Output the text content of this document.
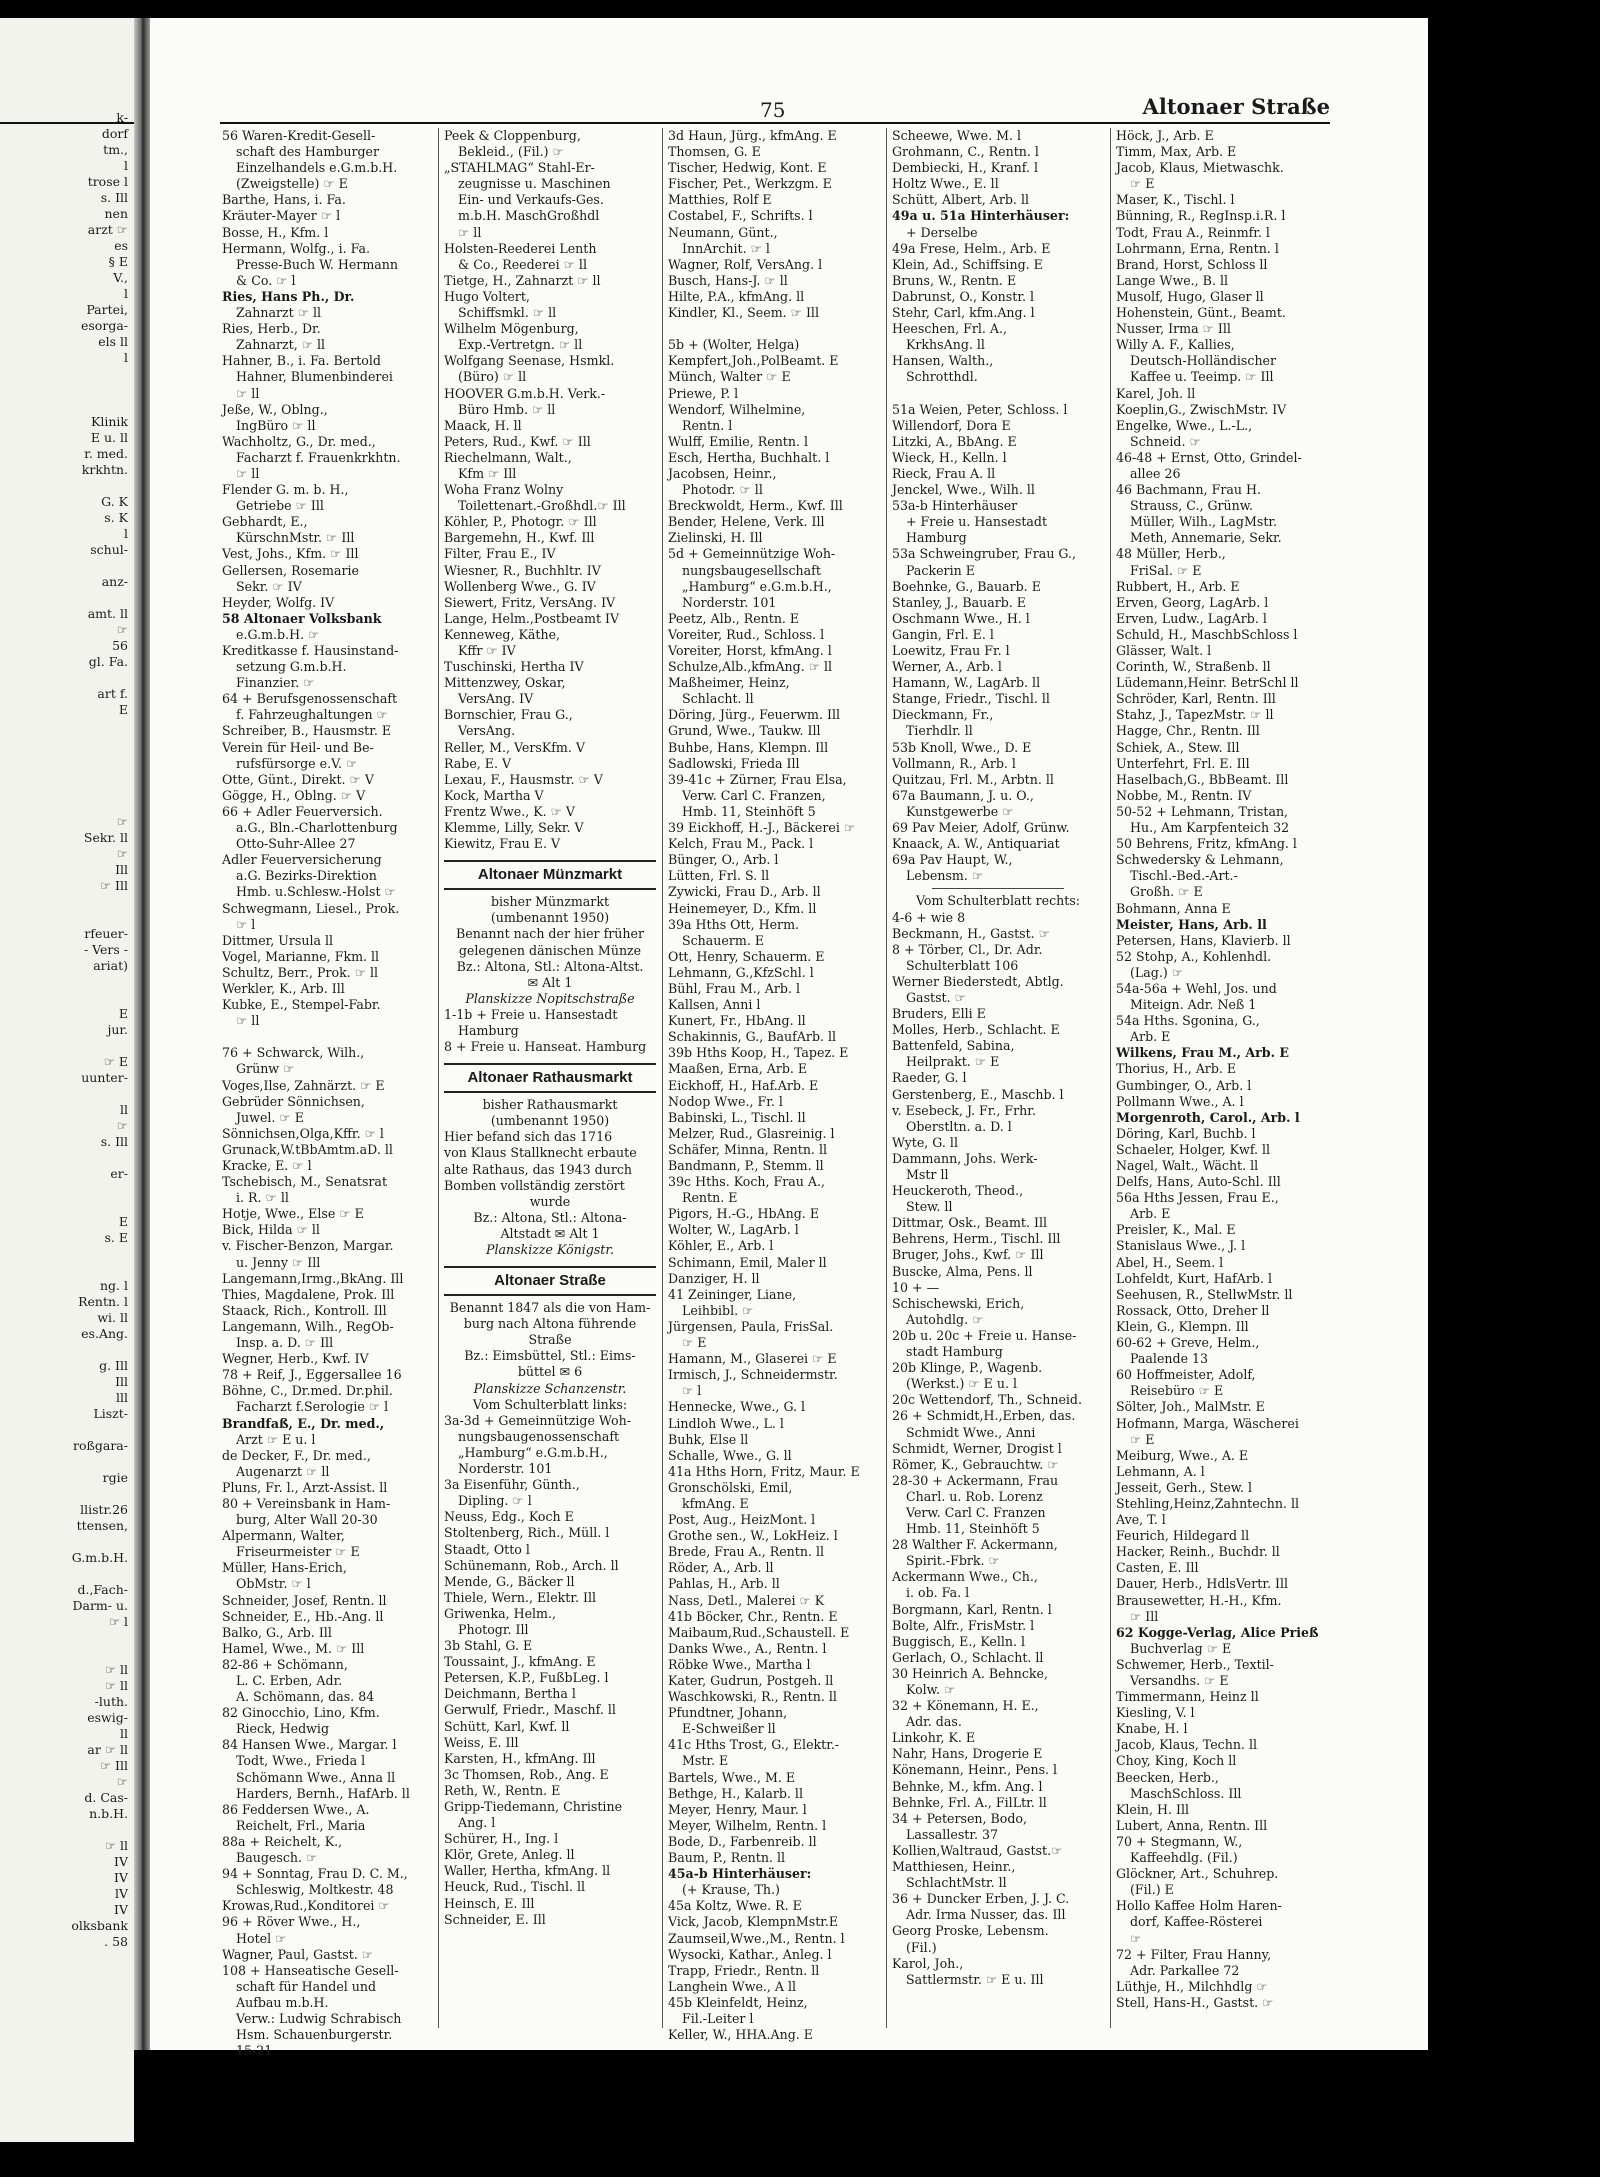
k-
dorf
tm.,
l
trose l
s. Ill
nen
arzt ☞
es
§ E
V.,
l
Partei,
esorga-
els ll
l

Klinik
E u. ll
r. med.
krkhtn.

G. K
s. K
l
schul-

anz-

amt. ll
☞
56
gl. Fa.

art f.
E

☞
Sekr. ll
☞
Ill
☞ Ill

rfeuer-
- Vers -
ariat)

E
jur.

☞ E
uunter-

ll
☞
s. Ill

er-

E
s. E

ng. l
Rentn. l
wi. ll
es.Ang.

g. Ill
Ill
lll
Liszt-

roßgara-

rgie

llistr.26
ttensen,

G.m.b.H.

d.,Fach-
Darm- u.
☞ l

☞ ll
☞ ll
-luth.
eswig-
ll
ar ☞ ll
☞ Ill
☞
d. Cas-
n.b.H.

☞ ll
IV
IV
lV
IV
olksbank
. 58
75	Altonaer Straße
56 Waren-Kredit-Gesell-
schaft des Hamburger
Einzelhandels e.G.m.b.H.
(Zweigstelle) ☞ E
Barthe, Hans, i. Fa.
Kräuter-Mayer ☞ l
Bosse, H., Kfm. l
Hermann, Wolfg., i. Fa.
Presse-Buch W. Hermann
& Co. ☞ l
Ries, Hans Ph., Dr.
Zahnarzt ☞ ll
Ries, Herb., Dr.
Zahnarzt, ☞ ll
Hahner, B., i. Fa. Bertold
Hahner, Blumenbinderei
☞ ll
Jeße, W., Oblng.,
IngBüro ☞ ll
Wachholtz, G., Dr. med.,
Facharzt f. Frauenkrkhtn.
☞ ll
Flender G. m. b. H.,
Getriebe ☞ Ill
Gebhardt, E.,
KürschnMstr. ☞ Ill
Vest, Johs., Kfm. ☞ Ill
Gellersen, Rosemarie
Sekr. ☞ IV
Heyder, Wolfg. IV
58 Altonaer Volksbank
e.G.m.b.H. ☞
Kreditkasse f. Hausinstand-
setzung G.m.b.H.
Finanzier. ☞
64 + Berufsgenossenschaft
f. Fahrzeughaltungen ☞
Schreiber, B., Hausmstr. E
Verein für Heil- und Be-
rufsfürsorge e.V. ☞
Otte, Günt., Direkt. ☞ V
Gögge, H., Oblng. ☞ V
66 + Adler Feuerversich.
a.G., Bln.-Charlottenburg
Otto-Suhr-Allee 27
Adler Feuerversicherung
a.G. Bezirks-Direktion
Hmb. u.Schlesw.-Holst ☞
Schwegmann, Liesel., Prok.
☞ l
Dittmer, Ursula ll
Vogel, Marianne, Fkm. ll
Schultz, Berr., Prok. ☞ ll
Werkler, K., Arb. Ill
Kubke, E., Stempel-Fabr.
☞ ll

76 + Schwarck, Wilh.,
Grünw ☞
Voges,Ilse, Zahnärzt. ☞ E
Gebrüder Sönnichsen,
Juwel. ☞ E
Sönnichsen,Olga,Kffr. ☞ l
Grunack,W.tBbAmtm.aD. ll
Kracke, E. ☞ l
Tschebisch, M., Senatsrat
i. R. ☞ ll
Hotje, Wwe., Else ☞ E
Bick, Hilda ☞ ll
v. Fischer-Benzon, Margar.
u. Jenny ☞ Ill
Langemann,Irmg.,BkAng. Ill
Thies, Magdalene, Prok. Ill
Staack, Rich., Kontroll. Ill
Langemann, Wilh., RegOb-
Insp. a. D. ☞ Ill
Wegner, Herb., Kwf. IV
78 + Reif, J., Eggersallee 16
Böhne, C., Dr.med. Dr.phil.
Facharzt f.Serologie ☞ l
Brandfaß, E., Dr. med.,
Arzt ☞ E u. l
de Decker, F., Dr. med.,
Augenarzt ☞ ll
Pluns, Fr. l., Arzt-Assist. ll
80 + Vereinsbank in Ham-
burg, Alter Wall 20-30
Alpermann, Walter,
Friseurmeister ☞ E
Müller, Hans-Erich,
ObMstr. ☞ l
Schneider, Josef, Rentn. ll
Schneider, E., Hb.-Ang. ll
Balko, G., Arb. Ill
Hamel, Wwe., M. ☞ Ill
82-86 + Schömann,
L. C. Erben, Adr.
A. Schömann, das. 84
82 Ginocchio, Lino, Kfm.
Rieck, Hedwig
84 Hansen Wwe., Margar. l
Todt, Wwe., Frieda l
Schömann Wwe., Anna ll
Harders, Bernh., HafArb. ll
86 Feddersen Wwe., A.
Reichelt, Frl., Maria
88a + Reichelt, K.,
Baugesch. ☞
94 + Sonntag, Frau D. C. M.,
Schleswig, Moltkestr. 48
Krowas,Rud.,Konditorei ☞
96 + Röver Wwe., H.,
Hotel ☞
Wagner, Paul, Gastst. ☞
108 + Hanseatische Gesell-
schaft für Handel und
Aufbau m.b.H.
Verw.: Ludwig Schrabisch
Hsm. Schauenburgerstr.
15-21
Peek & Cloppenburg,
Bekleid., (Fil.) ☞
„STAHLMAG“ Stahl-Er-
zeugnisse u. Maschinen
Ein- und Verkaufs-Ges.
m.b.H. MaschGroßhdl
☞ ll
Holsten-Reederei Lenth
& Co., Reederei ☞ ll
Tietge, H., Zahnarzt ☞ ll
Hugo Voltert,
Schiffsmkl. ☞ ll
Wilhelm Mögenburg,
Exp.-Vertretgn. ☞ ll
Wolfgang Seenase, Hsmkl.
(Büro) ☞ ll
HOOVER G.m.b.H. Verk.-
Büro Hmb. ☞ ll
Maack, H. ll
Peters, Rud., Kwf. ☞ Ill
Riechelmann, Walt.,
Kfm ☞ Ill
Woha Franz Wolny
Toilettenart.-Großhdl.☞ Ill
Köhler, P., Photogr. ☞ Ill
Bargemehn, H., Kwf. Ill
Filter, Frau E., IV
Wiesner, R., Buchhltr. IV
Wollenberg Wwe., G. IV
Siewert, Fritz, VersAng. IV
Lange, Helm.,Postbeamt IV
Kenneweg, Käthe,
Kffr ☞ IV
Tuschinski, Hertha IV
Mittenzwey, Oskar,
VersAng. IV
Bornschier, Frau G.,
VersAng.
Reller, M., VersKfm. V
Rabe, E. V
Lexau, F., Hausmstr. ☞ V
Kock, Martha V
Frentz Wwe., K. ☞ V
Klemme, Lilly, Sekr. V
Kiewitz, Frau E. V
Altonaer Münzmarkt
bisher Münzmarkt
(umbenannt 1950)
Benannt nach der hier früher
gelegenen dänischen Münze
Bz.: Altona, Stl.: Altona-Altst.
✉ Alt 1
Planskizze Nopitschstraße
1-1b + Freie u. Hansestadt
Hamburg
8 + Freie u. Hanseat. Hamburg
Altonaer Rathausmarkt
bisher Rathausmarkt
(umbenannt 1950)
Hier befand sich das 1716
von Klaus Stallknecht erbaute
alte Rathaus, das 1943 durch
Bomben vollständig zerstört
wurde
Bz.: Altona, Stl.: Altona-
Altstadt ✉ Alt 1
Planskizze Königstr.
Altonaer Straße
Benannt 1847 als die von Ham-
burg nach Altona führende
Straße
Bz.: Eimsbüttel, Stl.: Eims-
büttel ✉ 6
Planskizze Schanzenstr.
Vom Schulterblatt links:
3a-3d + Gemeinnützige Woh-
nungsbaugenossenschaft
„Hamburg“ e.G.m.b.H.,
Norderstr. 101
3a Eisenführ, Günth.,
Dipling. ☞ l
Neuss, Edg., Koch E
Stoltenberg, Rich., Müll. l
Staadt, Otto l
Schünemann, Rob., Arch. ll
Mende, G., Bäcker ll
Thiele, Wern., Elektr. Ill
Griwenka, Helm.,
Photogr. Ill
3b Stahl, G. E
Toussaint, J., kfmAng. E
Petersen, K.P., FußbLeg. l
Deichmann, Bertha l
Gerwulf, Friedr., Maschf. ll
Schütt, Karl, Kwf. ll
Weiss, E. Ill
Karsten, H., kfmAng. Ill
3c Thomsen, Rob., Ang. E
Reth, W., Rentn. E
Gripp-Tiedemann, Christine
Ang. l
Schürer, H., Ing. l
Klör, Grete, Anleg. ll
Waller, Hertha, kfmAng. ll
Heuck, Rud., Tischl. ll
Heinsch, E. Ill
Schneider, E. Ill
3d Haun, Jürg., kfmAng. E
Thomsen, G. E
Tischer, Hedwig, Kont. E
Fischer, Pet., Werkzgm. E
Matthies, Rolf E
Costabel, F., Schrifts. l
Neumann, Günt.,
InnArchit. ☞ l
Wagner, Rolf, VersAng. l
Busch, Hans-J. ☞ ll
Hilte, P.A., kfmAng. ll
Kindler, Kl., Seem. ☞ Ill

5b + (Wolter, Helga)
Kempfert,Joh.,PolBeamt. E
Münch, Walter ☞ E
Priewe, P. l
Wendorf, Wilhelmine,
Rentn. l
Wulff, Emilie, Rentn. l
Esch, Hertha, Buchhalt. l
Jacobsen, Heinr.,
Photodr. ☞ ll
Breckwoldt, Herm., Kwf. Ill
Bender, Helene, Verk. Ill
Zielinski, H. Ill
5d + Gemeinnützige Woh-
nungsbaugesellschaft
„Hamburg“ e.G.m.b.H.,
Norderstr. 101
Peetz, Alb., Rentn. E
Voreiter, Rud., Schloss. l
Voreiter, Horst, kfmAng. l
Schulze,Alb.,kfmAng. ☞ ll
Maßheimer, Heinz,
Schlacht. ll
Döring, Jürg., Feuerwm. Ill
Grund, Wwe., Taukw. Ill
Buhbe, Hans, Klempn. Ill
Sadlowski, Frieda Ill
39-41c + Zürner, Frau Elsa,
Verw. Carl C. Franzen,
Hmb. 11, Steinhöft 5
39 Eickhoff, H.-J., Bäckerei ☞
Kelch, Frau M., Pack. l
Bünger, O., Arb. l
Lütten, Frl. S. ll
Zywicki, Frau D., Arb. ll
Heinemeyer, D., Kfm. ll
39a Hths Ott, Herm.
Schauerm. E
Ott, Henry, Schauerm. E
Lehmann, G.,KfzSchl. l
Bühl, Frau M., Arb. l
Kallsen, Anni l
Kunert, Fr., HbAng. ll
Schakinnis, G., BaufArb. ll
39b Hths Koop, H., Tapez. E
Maaßen, Erna, Arb. E
Eickhoff, H., Haf.Arb. E
Nodop Wwe., Fr. l
Babinski, L., Tischl. ll
Melzer, Rud., Glasreinig. l
Schäfer, Minna, Rentn. ll
Bandmann, P., Stemm. ll
39c Hths. Koch, Frau A.,
Rentn. E
Pigors, H.-G., HbAng. E
Wolter, W., LagArb. l
Köhler, E., Arb. l
Schimann, Emil, Maler ll
Danziger, H. ll
41 Zeininger, Liane,
Leihbibl. ☞
Jürgensen, Paula, FrisSal.
☞ E
Hamann, M., Glaserei ☞ E
Irmisch, J., Schneidermstr.
☞ l
Hennecke, Wwe., G. l
Lindloh Wwe., L. l
Buhk, Else ll
Schalle, Wwe., G. ll
41a Hths Horn, Fritz, Maur. E
Gronschölski, Emil,
kfmAng. E
Post, Aug., HeizMont. l
Grothe sen., W., LokHeiz. l
Brede, Frau A., Rentn. ll
Röder, A., Arb. ll
Pahlas, H., Arb. ll
Nass, Detl., Malerei ☞ K
41b Böcker, Chr., Rentn. E
Maibaum,Rud.,Schaustell. E
Danks Wwe., A., Rentn. l
Röbke Wwe., Martha l
Kater, Gudrun, Postgeh. ll
Waschkowski, R., Rentn. ll
Pfundtner, Johann,
E-Schweißer ll
41c Hths Trost, G., Elektr.-
Mstr. E
Bartels, Wwe., M. E
Bethge, H., Kalarb. ll
Meyer, Henry, Maur. l
Meyer, Wilhelm, Rentn. l
Bode, D., Farbenreib. ll
Baum, P., Rentn. ll
45a-b Hinterhäuser:
(+ Krause, Th.)
45a Koltz, Wwe. R. E
Vick, Jacob, KlempnMstr.E
Zaumseil,Wwe.,M., Rentn. l
Wysocki, Kathar., Anleg. l
Trapp, Friedr., Rentn. ll
Langhein Wwe., A ll
45b Kleinfeldt, Heinz,
Fil.-Leiter l
Keller, W., HHA.Ang. E
Scheewe, Wwe. M. l
Grohmann, C., Rentn. l
Dembiecki, H., Kranf. l
Holtz Wwe., E. ll
Schütt, Albert, Arb. ll
49a u. 51a Hinterhäuser:
+ Derselbe
49a Frese, Helm., Arb. E
Klein, Ad., Schiffsing. E
Bruns, W., Rentn. E
Dabrunst, O., Konstr. l
Stehr, Carl, kfm.Ang. l
Heeschen, Frl. A.,
KrkhsAng. ll
Hansen, Walth.,
Schrotthdl.

51a Weien, Peter, Schloss. l
Willendorf, Dora E
Litzki, A., BbAng. E
Wieck, H., Kelln. l
Rieck, Frau A. ll
Jenckel, Wwe., Wilh. ll
53a-b Hinterhäuser
+ Freie u. Hansestadt
Hamburg
53a Schweingruber, Frau G.,
Packerin E
Boehnke, G., Bauarb. E
Stanley, J., Bauarb. E
Oschmann Wwe., H. l
Gangin, Frl. E. l
Loewitz, Frau Fr. l
Werner, A., Arb. l
Hamann, W., LagArb. ll
Stange, Friedr., Tischl. ll
Dieckmann, Fr.,
Tierhdlr. ll
53b Knoll, Wwe., D. E
Vollmann, R., Arb. l
Quitzau, Frl. M., Arbtn. ll
67a Baumann, J. u. O.,
Kunstgewerbe ☞
69 Pav Meier, Adolf, Grünw.
Knaack, A. W., Antiquariat
69a Pav Haupt, W.,
Lebensm. ☞
Vom Schulterblatt rechts:
4-6 + wie 8
Beckmann, H., Gastst. ☞
8 + Törber, Cl., Dr. Adr.
Schulterblatt 106
Werner Biederstedt, Abtlg.
Gastst. ☞
Bruders, Elli E
Molles, Herb., Schlacht. E
Battenfeld, Sabina,
Heilprakt. ☞ E
Raeder, G. l
Gerstenberg, E., Maschb. l
v. Esebeck, J. Fr., Frhr.
Oberstltn. a. D. l
Wyte, G. ll
Dammann, Johs. Werk-
Mstr ll
Heuckeroth, Theod.,
Stew. ll
Dittmar, Osk., Beamt. Ill
Behrens, Herm., Tischl. Ill
Bruger, Johs., Kwf. ☞ Ill
Buscke, Alma, Pens. ll
10 + —
Schischewski, Erich,
Autohdlg. ☞
20b u. 20c + Freie u. Hanse-
stadt Hamburg
20b Klinge, P., Wagenb.
(Werkst.) ☞ E u. l
20c Wettendorf, Th., Schneid.
26 + Schmidt,H.,Erben, das.
Schmidt Wwe., Anni
Schmidt, Werner, Drogist l
Römer, K., Gebrauchtw. ☞
28-30 + Ackermann, Frau
Charl. u. Rob. Lorenz
Verw. Carl C. Franzen
Hmb. 11, Steinhöft 5
28 Walther F. Ackermann,
Spirit.-Fbrk. ☞
Ackermann Wwe., Ch.,
i. ob. Fa. l
Borgmann, Karl, Rentn. l
Bolte, Alfr., FrisMstr. l
Buggisch, E., Kelln. l
Gerlach, O., Schlacht. ll
30 Heinrich A. Behncke,
Kolw. ☞
32 + Könemann, H. E.,
Adr. das.
Linkohr, K. E
Nahr, Hans, Drogerie E
Könemann, Heinr., Pens. l
Behnke, M., kfm. Ang. l
Behnke, Frl. A., FilLtr. ll
34 + Petersen, Bodo,
Lassallestr. 37
Kollien,Waltraud, Gastst.☞
Matthiesen, Heinr.,
SchlachtMstr. ll
36 + Duncker Erben, J. J. C.
Adr. Irma Nusser, das. Ill
Georg Proske, Lebensm.
(Fil.)
Karol, Joh.,
Sattlermstr. ☞ E u. Ill
Höck, J., Arb. E
Timm, Max, Arb. E
Jacob, Klaus, Mietwaschk.
☞ E
Maser, K., Tischl. l
Bünning, R., RegInsp.i.R. l
Todt, Frau A., Reinmfr. l
Lohrmann, Erna, Rentn. l
Brand, Horst, Schloss ll
Lange Wwe., B. ll
Musolf, Hugo, Glaser ll
Hohenstein, Günt., Beamt.
Nusser, Irma ☞ Ill
Willy A. F., Kallies,
Deutsch-Holländischer
Kaffee u. Teeimp. ☞ Ill
Karel, Joh. ll
Koeplin,G., ZwischMstr. IV
Engelke, Wwe., L.-L.,
Schneid. ☞
46-48 + Ernst, Otto, Grindel-
allee 26
46 Bachmann, Frau H.
Strauss, C., Grünw.
Müller, Wilh., LagMstr.
Meth, Annemarie, Sekr.
48 Müller, Herb.,
FriSal. ☞ E
Rubbert, H., Arb. E
Erven, Georg, LagArb. l
Erven, Ludw., LagArb. l
Schuld, H., MaschbSchloss l
Glässer, Walt. l
Corinth, W., Straßenb. ll
Lüdemann,Heinr. BetrSchl ll
Schröder, Karl, Rentn. Ill
Stahz, J., TapezMstr. ☞ ll
Hagge, Chr., Rentn. Ill
Schiek, A., Stew. Ill
Unterfehrt, Frl. E. Ill
Haselbach,G., BbBeamt. Ill
Nobbe, M., Rentn. IV
50-52 + Lehmann, Tristan,
Hu., Am Karpfenteich 32
50 Behrens, Fritz, kfmAng. l
Schwedersky & Lehmann,
Tischl.-Bed.-Art.-
Großh. ☞ E
Bohmann, Anna E
Meister, Hans, Arb. ll
Petersen, Hans, Klavierb. ll
52 Stohp, A., Kohlenhdl.
(Lag.) ☞
54a-56a + Wehl, Jos. und
Miteign. Adr. Neß 1
54a Hths. Sgonina, G.,
Arb. E
Wilkens, Frau M., Arb. E
Thorius, H., Arb. E
Gumbinger, O., Arb. l
Pollmann Wwe., A. l
Morgenroth, Carol., Arb. l
Döring, Karl, Buchb. l
Schaeler, Holger, Kwf. ll
Nagel, Walt., Wächt. ll
Delfs, Hans, Auto-Schl. Ill
56a Hths Jessen, Frau E.,
Arb. E
Preisler, K., Mal. E
Stanislaus Wwe., J. l
Abel, H., Seem. l
Lohfeldt, Kurt, HafArb. l
Seehusen, R., StellwMstr. ll
Rossack, Otto, Dreher ll
Klein, G., Klempn. Ill
60-62 + Greve, Helm.,
Paalende 13
60 Hoffmeister, Adolf,
Reisebüro ☞ E
Sölter, Joh., MalMstr. E
Hofmann, Marga, Wäscherei
☞ E
Meiburg, Wwe., A. E
Lehmann, A. l
Jesseit, Gerh., Stew. l
Stehling,Heinz,Zahntechn. ll
Ave, T. l
Feurich, Hildegard ll
Hacker, Reinh., Buchdr. ll
Casten, E. Ill
Dauer, Herb., HdlsVertr. Ill
Brausewetter, H.-H., Kfm.
☞ Ill
62 Kogge-Verlag, Alice Prieß
Buchverlag ☞ E
Schwemer, Herb., Textil-
Versandhs. ☞ E
Timmermann, Heinz ll
Kiesling, V. l
Knabe, H. l
Jacob, Klaus, Techn. ll
Choy, King, Koch ll
Beecken, Herb.,
MaschSchloss. Ill
Klein, H. Ill
Lubert, Anna, Rentn. Ill
70 + Stegmann, W.,
Kaffeehdlg. (Fil.)
Glöckner, Art., Schuhrep.
(Fil.) E
Hollo Kaffee Holm Haren-
dorf, Kaffee-Rösterei
☞
72 + Filter, Frau Hanny,
Adr. Parkallee 72
Lüthje, H., Milchhdlg ☞
Stell, Hans-H., Gastst. ☞
